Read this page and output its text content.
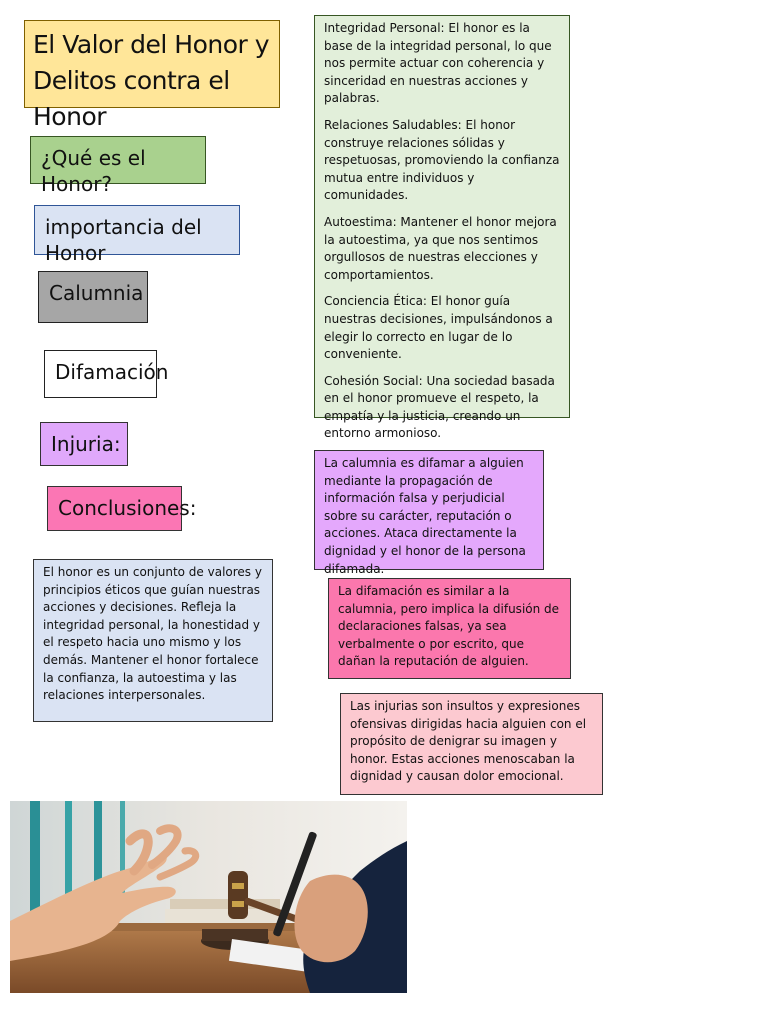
El Valor del Honor y Delitos contra el Honor
¿Qué es el Honor?
importancia del Honor
Calumnia
Difamación
Injuria:
Conclusiones:

Integridad Personal: El honor es la base de la integridad personal, lo que nos permite actuar con coherencia y sinceridad en nuestras acciones y palabras.

Relaciones Saludables: El honor construye relaciones sólidas y respetuosas, promoviendo la confianza mutua entre individuos y comunidades.

Autoestima: Mantener el honor mejora la autoestima, ya que nos sentimos orgullosos de nuestras elecciones y comportamientos.

Conciencia Ética: El honor guía nuestras decisiones, impulsándonos a elegir lo correcto en lugar de lo conveniente.

Cohesión Social: Una sociedad basada en el honor promueve el respeto, la empatía y la justicia, creando un entorno armonioso.

La calumnia es difamar a alguien mediante la propagación de información falsa y perjudicial sobre su carácter, reputación o acciones. Ataca directamente la dignidad y el honor de la persona difamada.
La difamación es similar a la calumnia, pero implica la difusión de declaraciones falsas, ya sea verbalmente o por escrito, que dañan la reputación de alguien.
Las injurias son insultos y expresiones ofensivas dirigidas hacia alguien con el propósito de denigrar su imagen y honor. Estas acciones menoscaban la dignidad y causan dolor emocional.
El honor es un conjunto de valores y principios éticos que guían nuestras acciones y decisiones. Refleja la integridad personal, la honestidad y el respeto hacia uno mismo y los demás. Mantener el honor fortalece la confianza, la autoestima y las relaciones interpersonales.
